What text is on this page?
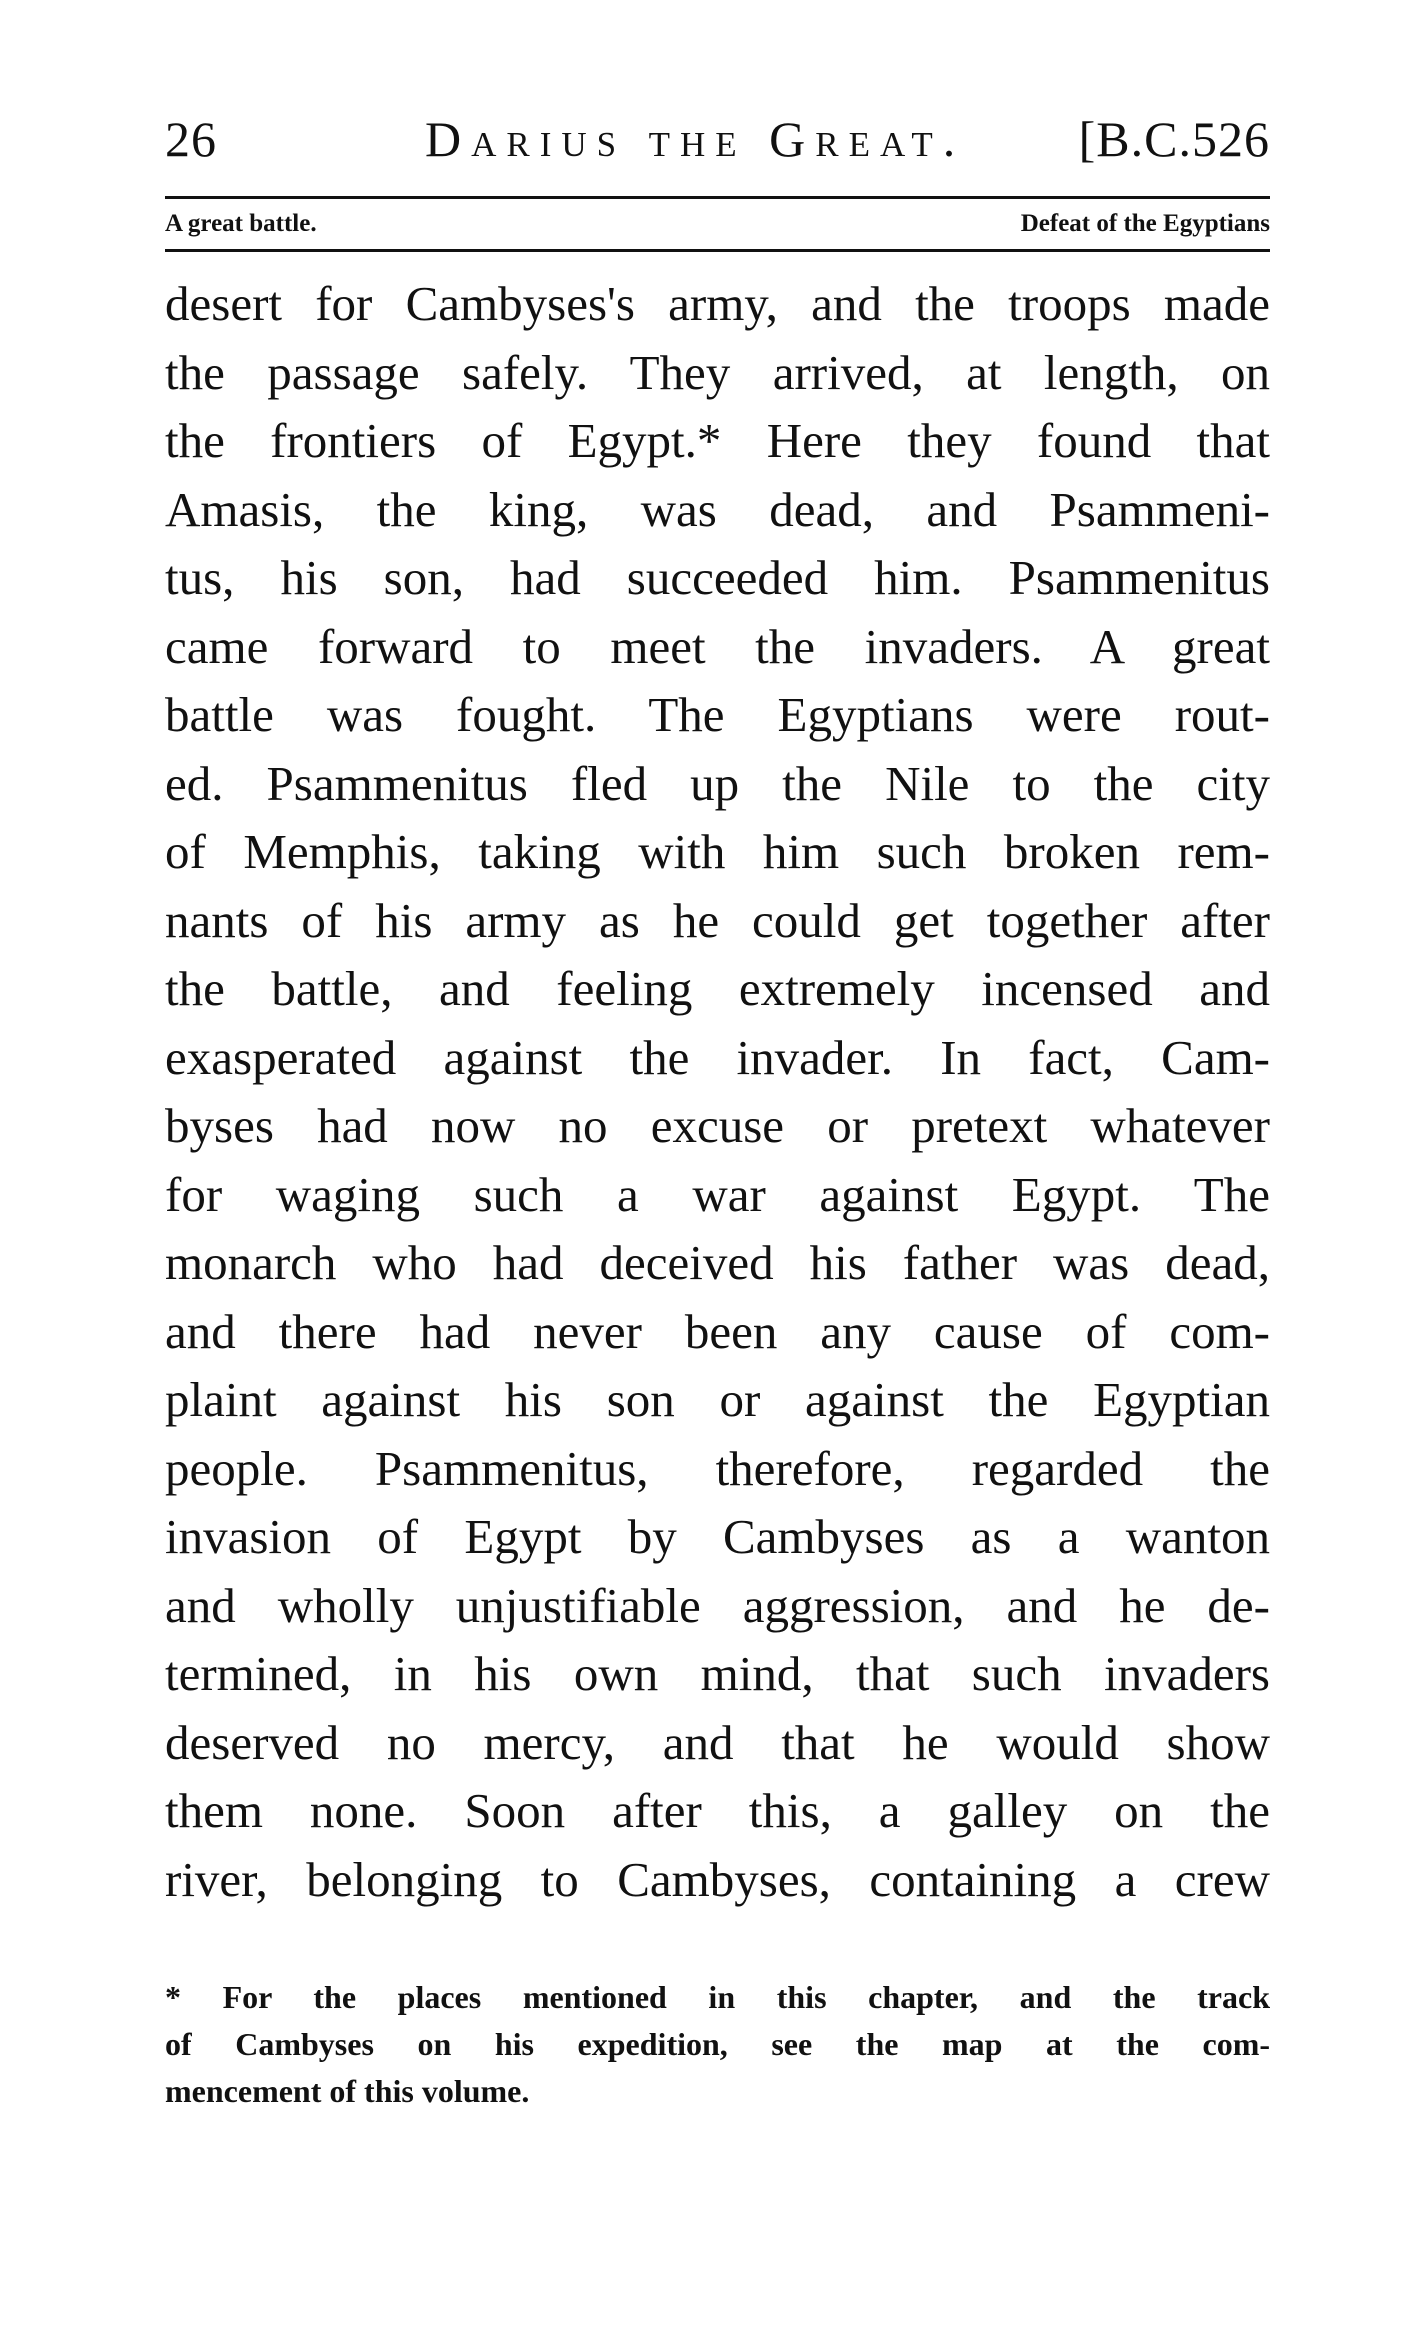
26	Darius the Great. [B.C.526
A great battle.	Defeat of the Egyptians
desert for Cambyses's army, and the troops made
the passage safely. They arrived, at length, on
the frontiers of Egypt.* Here they found that
Amasis, the king, was dead, and Psammeni-
tus, his son, had succeeded him. Psammenitus
came forward to meet the invaders. A great
battle was fought. The Egyptians were rout-
ed. Psammenitus fled up the Nile to the city
of Memphis, taking with him such broken rem-
nants of his army as he could get together after
the battle, and feeling extremely incensed and
exasperated against the invader. In fact, Cam-
byses had now no excuse or pretext whatever
for waging such a war against Egypt. The
monarch who had deceived his father was dead,
and there had never been any cause of com-
plaint against his son or against the Egyptian
people. Psammenitus, therefore, regarded the
invasion of Egypt by Cambyses as a wanton
and wholly unjustifiable aggression, and he de-
termined, in his own mind, that such invaders
deserved no mercy, and that he would show
them none. Soon after this, a galley on the
river, belonging to Cambyses, containing a crew
* For the places mentioned in this chapter, and the track
of Cambyses on his expedition, see the map at the com-
mencement of this volume.
